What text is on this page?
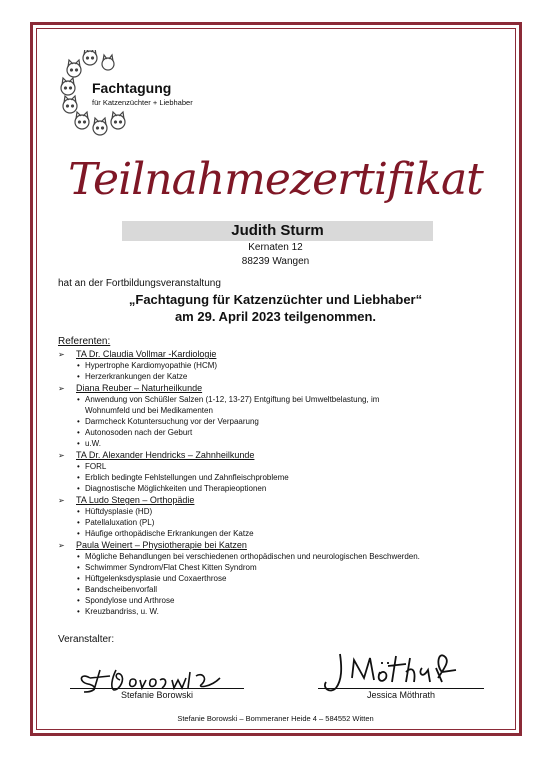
Fachtagung
für Katzenzüchter + Liebhaber
Teilnahmezertifikat
Judith Sturm
Kernaten 12
88239 Wangen
hat an der Fortbildungsveranstaltung
„Fachtagung für Katzenzüchter und Liebhaber“
am 29. April 2023 teilgenommen.
Referenten:
➢ TA Dr. Claudia Vollmar -Kardiologie
• Hypertrophe Kardiomyopathie (HCM)
• Herzerkrankungen der Katze
➢ Diana Reuber – Naturheilkunde
• Anwendung von Schüßler Salzen (1-12, 13-27) Entgiftung bei Umweltbelastung, im
Wohnumfeld und bei Medikamenten
• Darmcheck Kotuntersuchung vor der Verpaarung
• Autonosoden nach der Geburt
• u.W.
➢ TA Dr. Alexander Hendricks – Zahnheilkunde
• FORL
• Erblich bedingte Fehlstellungen und Zahnfleischprobleme
• Diagnostische Möglichkeiten und Therapieoptionen
➢ TA Ludo Stegen – Orthopädie
• Hüftdysplasie (HD)
• Patellaluxation (PL)
• Häufige orthopädische Erkrankungen der Katze
➢ Paula Weinert – Physiotherapie bei Katzen
• Mögliche Behandlungen bei verschiedenen orthopädischen und neurologischen Beschwerden.
• Schwimmer Syndrom/Flat Chest Kitten Syndrom
• Hüftgelenksdysplasie und Coxaerthrose
• Bandscheibenvorfall
• Spondylose und Arthrose
• Kreuzbandriss, u. W.
Veranstalter:
Stefanie Borowski	Jessica Möthrath
Stefanie Borowski – Bommeraner Heide 4 – 584552 Witten
